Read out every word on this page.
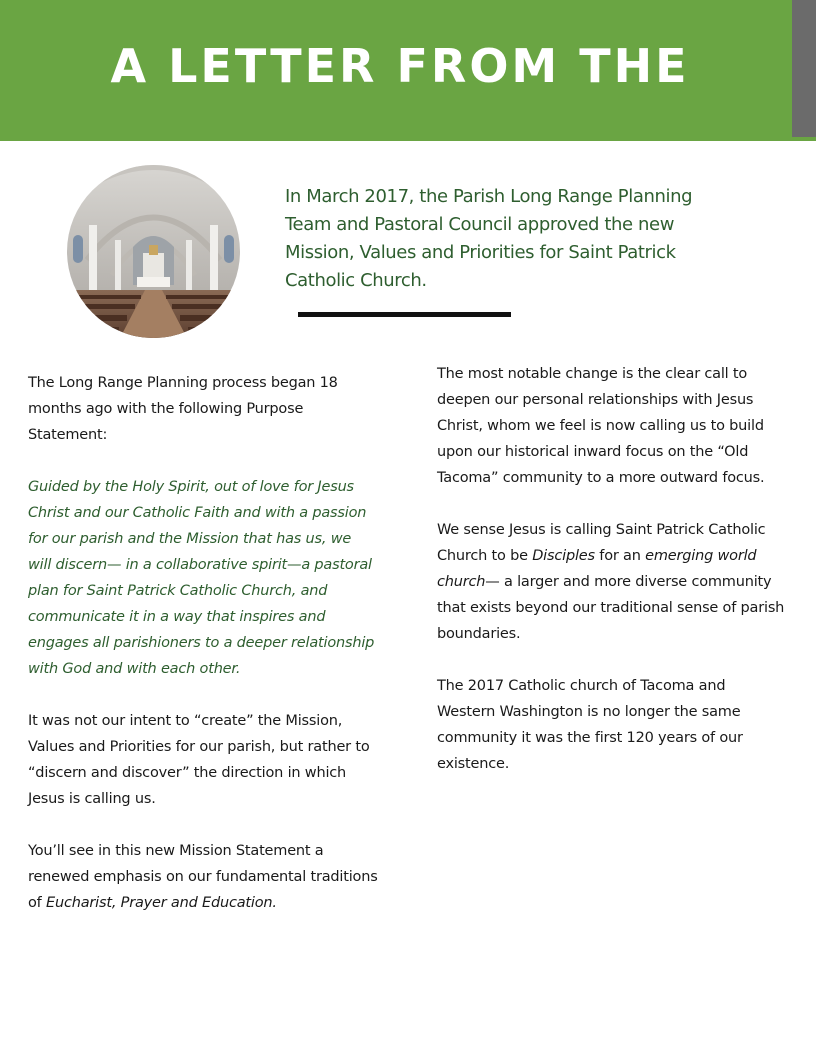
A LETTER FROM THE

In March 2017, the Parish Long Range Planning Team and Pastoral Council approved the new Mission, Values and Priorities for Saint Patrick Catholic Church.

The Long Range Planning process began 18 months ago with the following Purpose Statement:

Guided by the Holy Spirit, out of love for Jesus Christ and our Catholic Faith and with a passion for our parish and the Mission that has us, we will discern— in a collaborative spirit—a pastoral plan for Saint Patrick Catholic Church, and communicate it in a way that inspires and engages all parishioners to a deeper relationship with God and with each other.

It was not our intent to “create” the Mission, Values and Priorities for our parish, but rather to “discern and discover” the direction in which Jesus is calling us.

You’ll see in this new Mission Statement a renewed emphasis on our fundamental traditions of Eucharist, Prayer and Education.

The most notable change is the clear call to deepen our personal relationships with Jesus Christ, whom we feel is now calling us to build upon our historical inward focus on the “Old Tacoma” community to a more outward focus.

We sense Jesus is calling Saint Patrick Catholic Church to be Disciples for an emerging world church— a larger and more diverse community that exists beyond our traditional sense of parish boundaries.

The 2017 Catholic church of Tacoma and Western Washington is no longer the same community it was the first 120 years of our existence.
